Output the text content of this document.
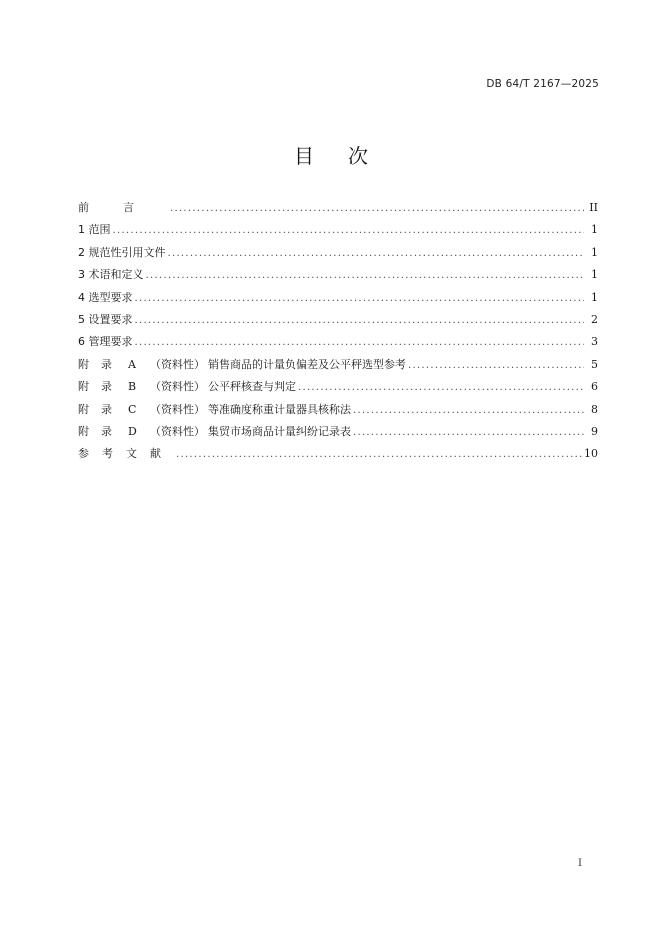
DB 64/T 2167—2025
目次
前言 .....	II
1 范围 .....	1
2 规范性引用文件 .....	1
3 术语和定义 .....	1
4 选型要求 .....	1
5 设置要求 .....	2
6 管理要求 .....	3
附录 A （资料性） 销售商品的计量负偏差及公平秤选型参考 .....	5
附录 B （资料性） 公平秤核查与判定 .....	6
附录 C （资料性） 等准确度称重计量器具核称法 .....	8
附录 D （资料性） 集贸市场商品计量纠纷记录表 .....	9
参考文献 .....	10
I
